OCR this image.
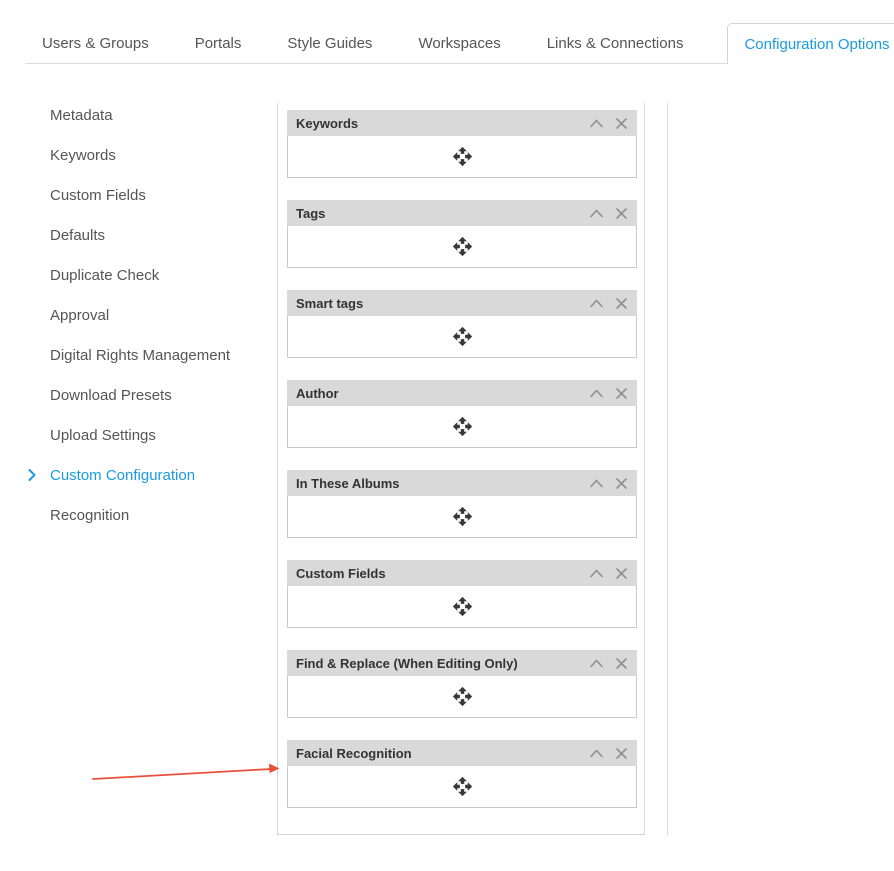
Users & Groups	Portals	Style Guides	Workspaces	Links & Connections	Configuration Options
Metadata
Keywords
Custom Fields
Defaults
Duplicate Check
Approval
Digital Rights Management
Download Presets
Upload Settings
Custom Configuration
Recognition
Keywords
Tags
Smart tags
Author
In These Albums
Custom Fields
Find & Replace (When Editing Only)
Facial Recognition
